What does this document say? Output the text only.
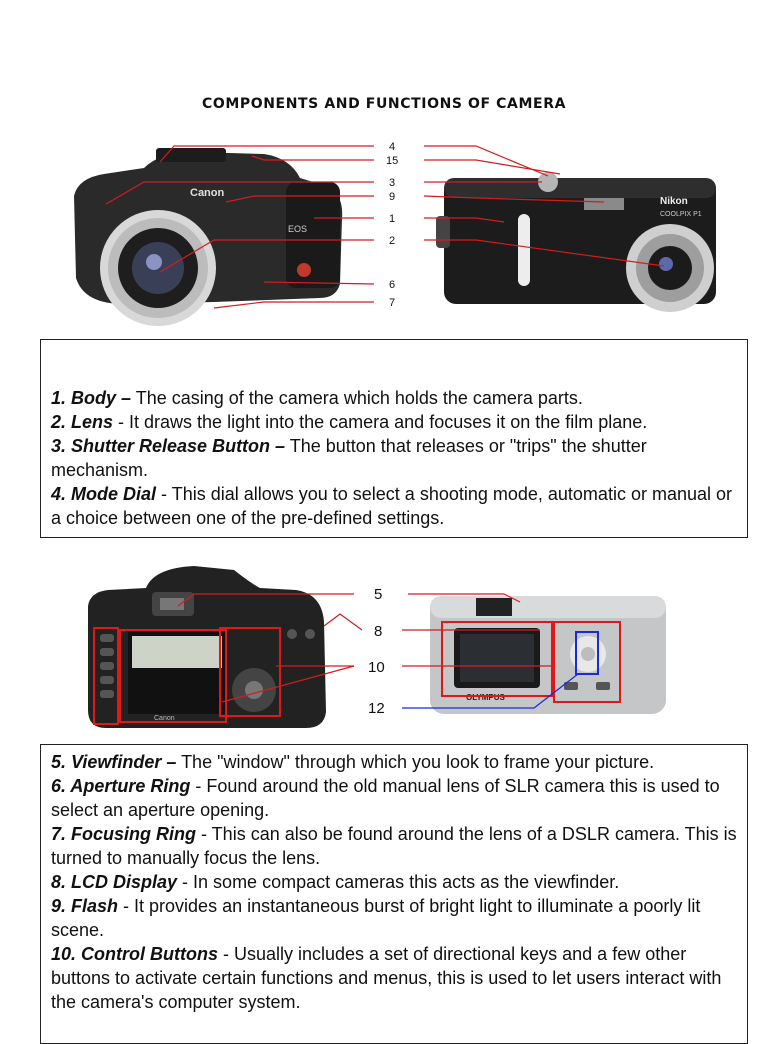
COMPONENTS AND FUNCTIONS OF CAMERA
Canon
EOS
Nikon
COOLPIX P1
4
15
3
9
1
2
6
7

1. Body – The casing of the camera which holds the camera parts.

2. Lens - It draws the light into the camera and focuses it on the film plane.

3. Shutter Release Button – The button that releases or "trips" the shutter mechanism.

4. Mode Dial - This dial allows you to select a shooting mode, automatic or manual or a choice between one of the pre-defined settings.

Canon
OLYMPUS
5
8
10
12

5. Viewfinder – The "window" through which you look to frame your picture.

6. Aperture Ring - Found around the old manual lens of SLR camera this is used to select an aperture opening.

7. Focusing Ring - This can also be found around the lens of a DSLR camera. This is turned to manually focus the lens.

8. LCD Display - In some compact cameras this acts as the viewfinder.

9. Flash - It provides an instantaneous burst of bright light to illuminate a poorly lit scene.

10. Control Buttons - Usually includes a set of directional keys and a few other buttons to activate certain functions and menus, this is used to let users interact with the camera's computer system.
